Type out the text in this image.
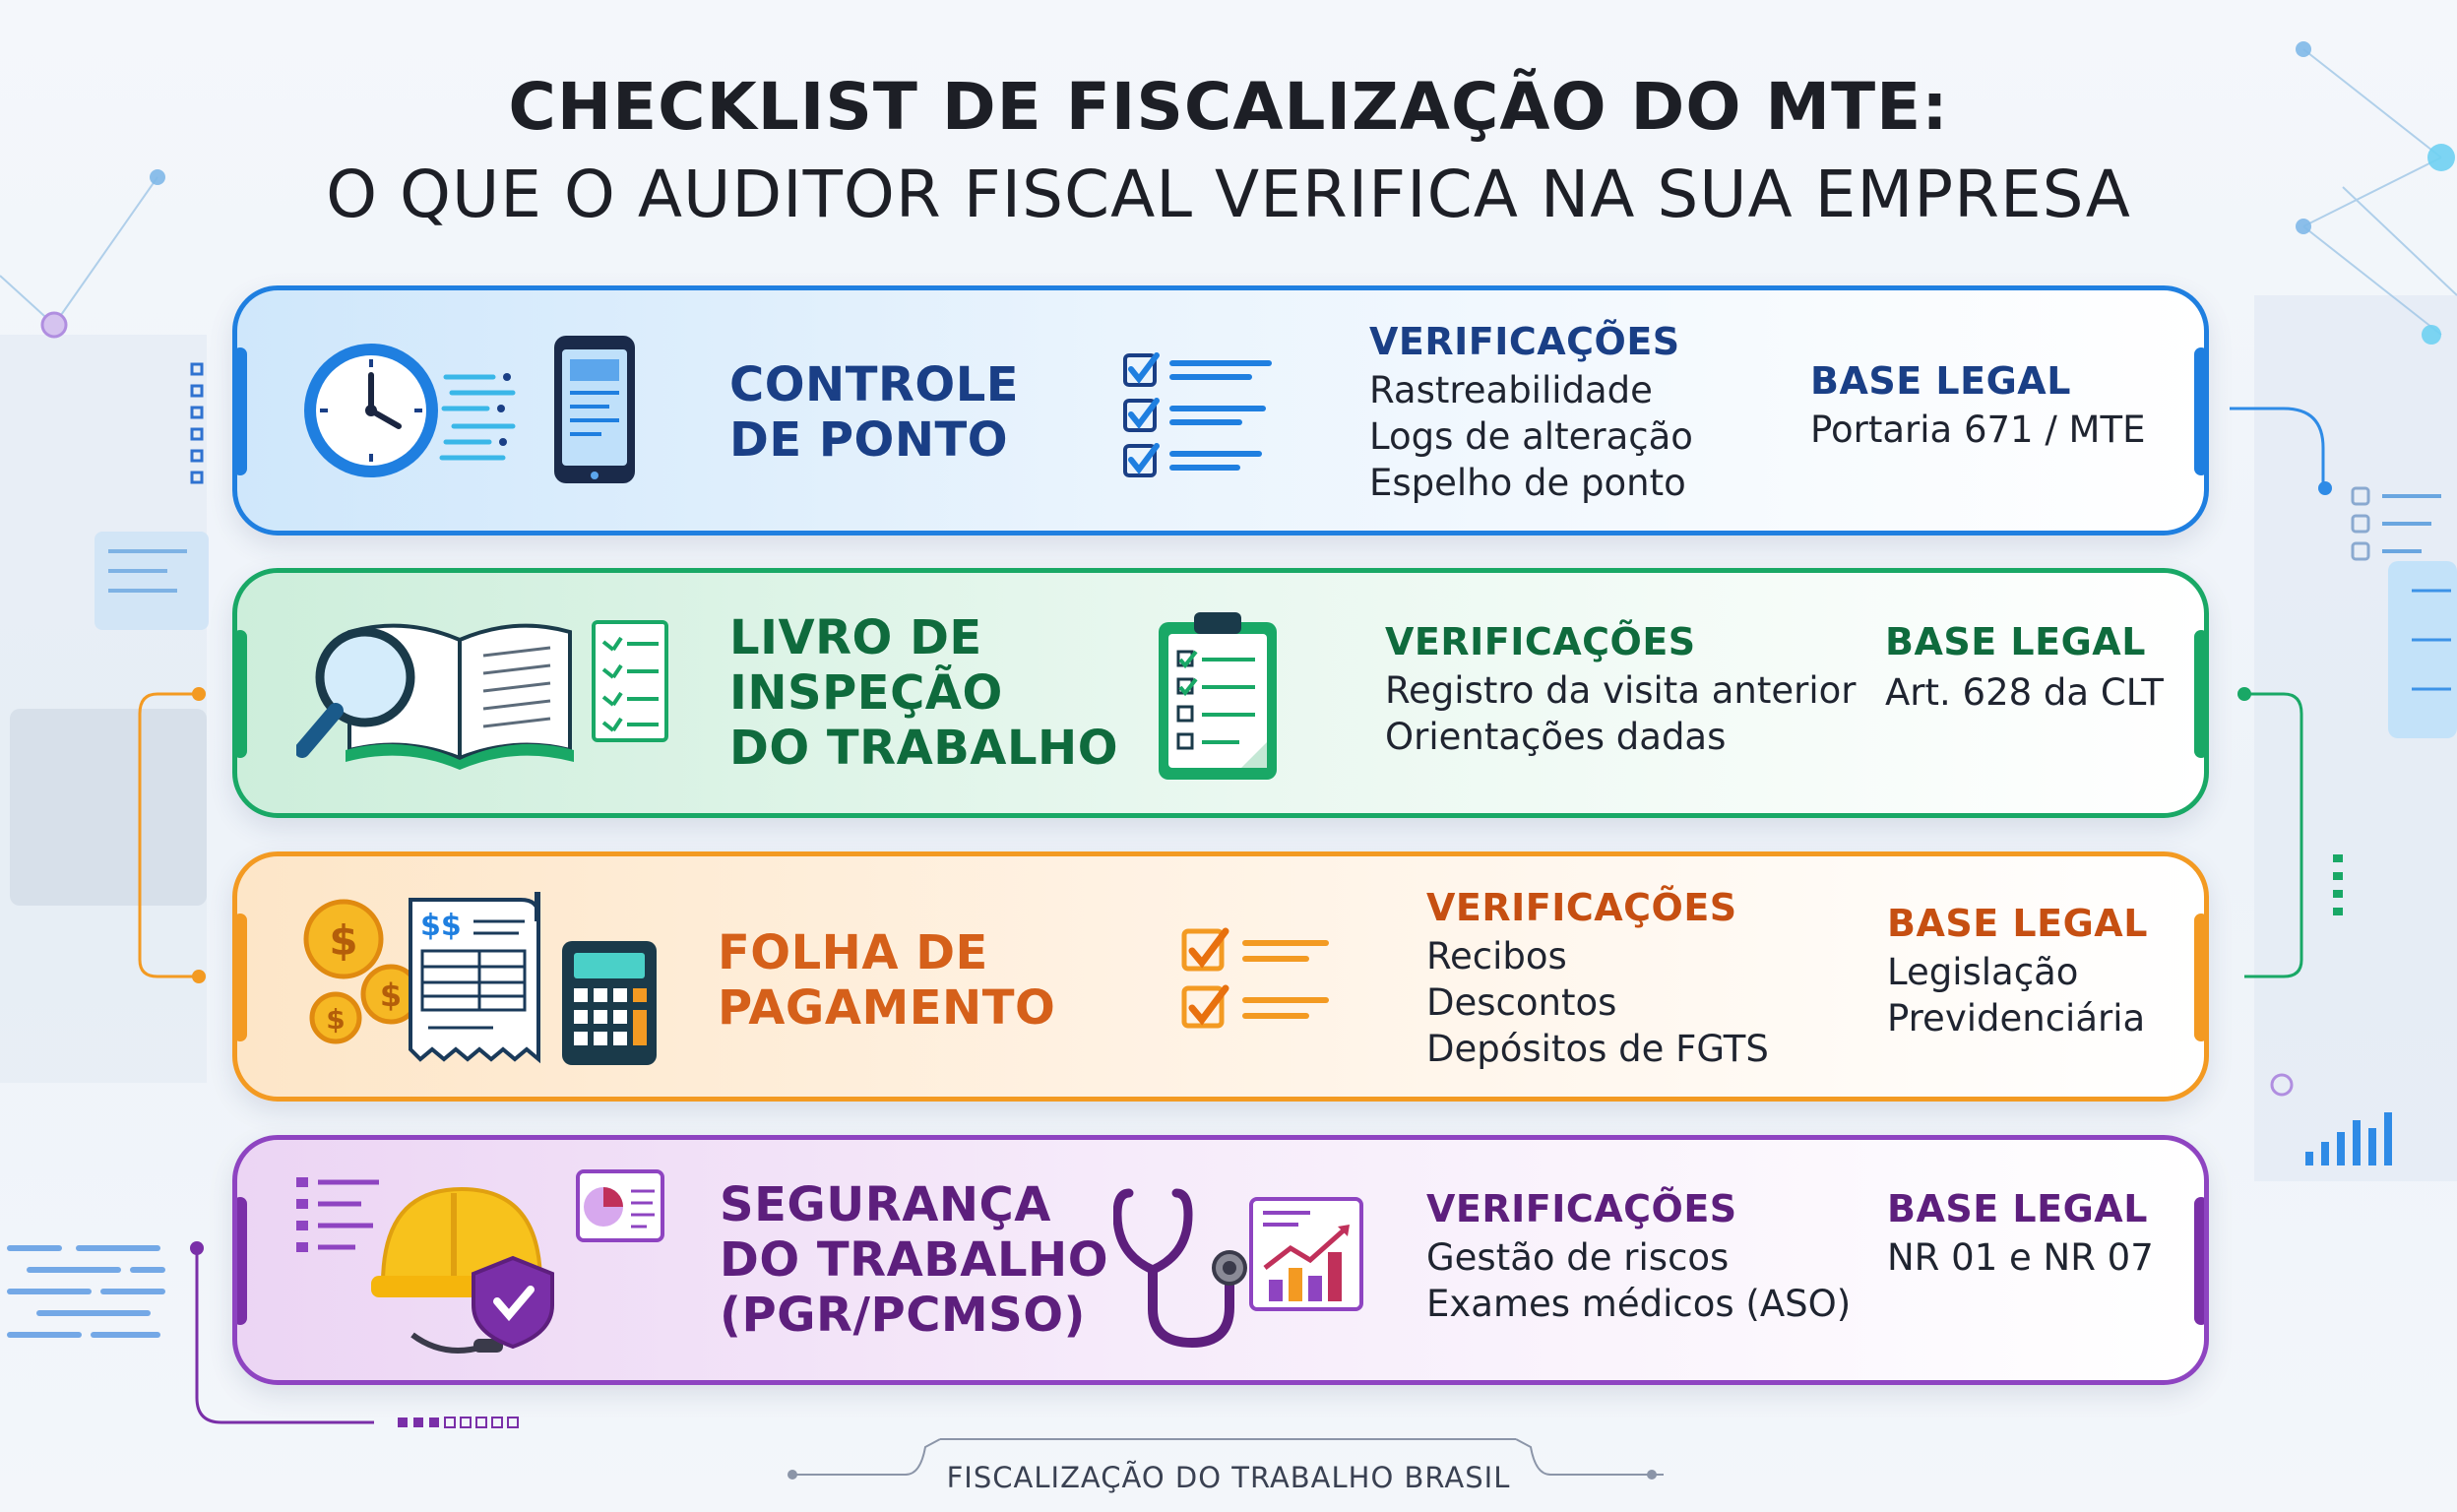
CHECKLIST DE FISCALIZAÇÃO DO MTE:
O QUE O AUDITOR FISCAL VERIFICA NA SUA EMPRESA
CONTROLE
DE PONTO
VERIFICAÇÕES
Rastreabilidade
Logs de alteração
Espelho de ponto
BASE LEGAL
Portaria 671 / MTE
LIVRO DE
INSPEÇÃO
DO TRABALHO
VERIFICAÇÕES
Registro da visita anterior
Orientações dadas
BASE LEGAL
Art. 628 da CLT
$
$
$
$$	FOLHA DE
PAGAMENTO
VERIFICAÇÕES
Recibos
Descontos
Depósitos de FGTS
BASE LEGAL
Legislação
Previdenciária
SEGURANÇA
DO TRABALHO
(PGR/PCMSO)
VERIFICAÇÕES
Gestão de riscos
Exames médicos (ASO)
BASE LEGAL
NR 01 e NR 07
FISCALIZAÇÃO DO TRABALHO BRASIL
